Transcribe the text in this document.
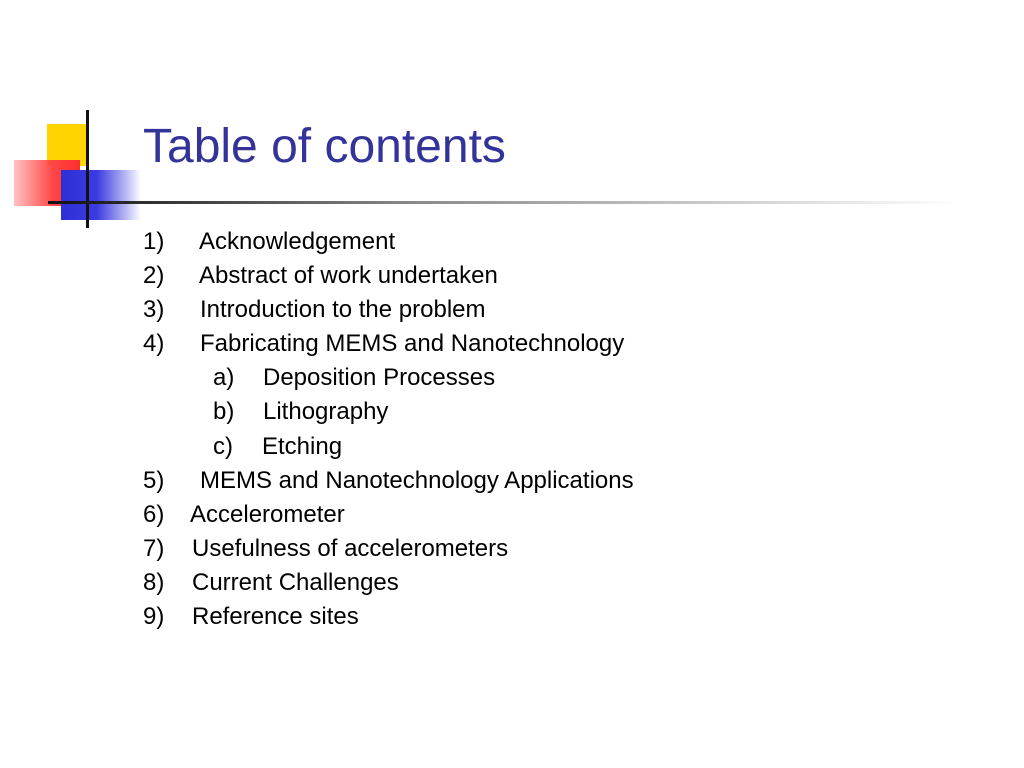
Table of contents
1) Acknowledgement
2) Abstract of work undertaken
3) Introduction to the problem
4) Fabricating MEMS and Nanotechnology
a) Deposition Processes
b) Lithography
c) Etching
5) MEMS and Nanotechnology Applications
6) Accelerometer
7) Usefulness of accelerometers
8) Current Challenges
9) Reference sites
